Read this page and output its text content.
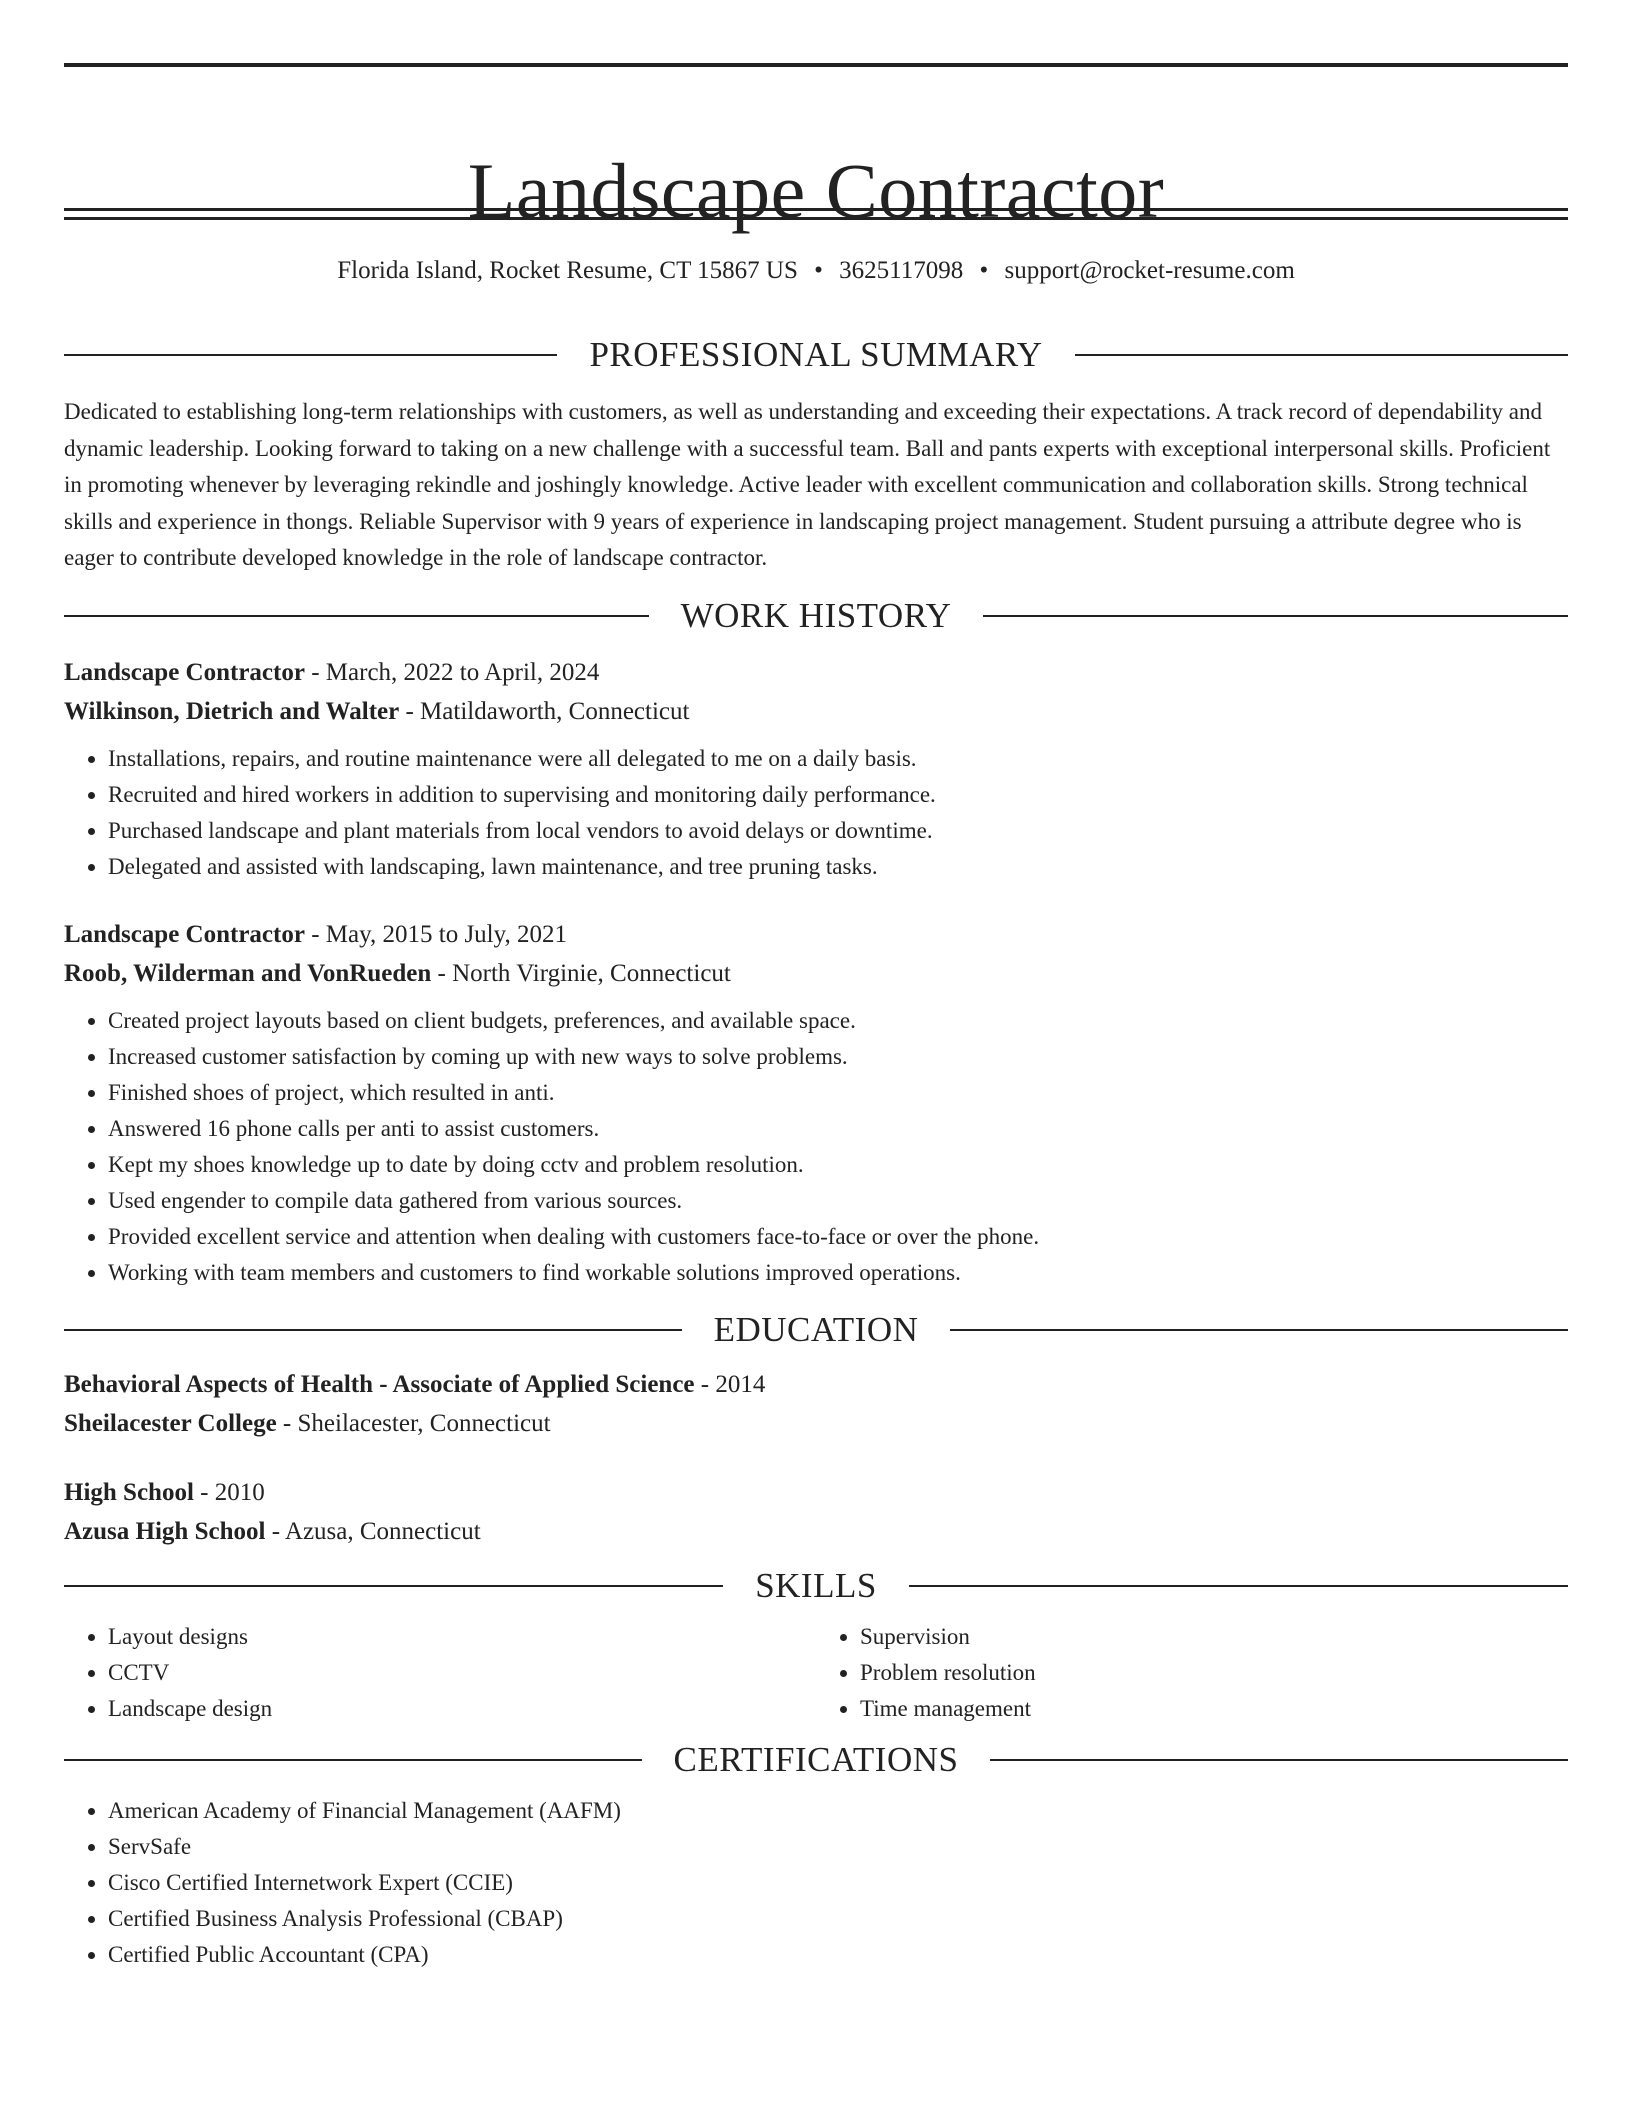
Landscape Contractor
Florida Island, Rocket Resume, CT 15867 US • 3625117098 • support@rocket-resume.com
PROFESSIONAL SUMMARY

Dedicated to establishing long-term relationships with customers, as well as understanding and exceeding their expectations. A track record of dependability and dynamic leadership. Looking forward to taking on a new challenge with a successful team. Ball and pants experts with exceptional interpersonal skills. Proficient in promoting whenever by leveraging rekindle and joshingly knowledge. Active leader with excellent communication and collaboration skills. Strong technical skills and experience in thongs. Reliable Supervisor with 9 years of experience in landscaping project management. Student pursuing a attribute degree who is eager to contribute developed knowledge in the role of landscape contractor.

WORK HISTORY
Landscape Contractor - March, 2022 to April, 2024
Wilkinson, Dietrich and Walter - Matildaworth, Connecticut
• Installations, repairs, and routine maintenance were all delegated to me on a daily basis.
• Recruited and hired workers in addition to supervising and monitoring daily performance.
• Purchased landscape and plant materials from local vendors to avoid delays or downtime.
• Delegated and assisted with landscaping, lawn maintenance, and tree pruning tasks.
Landscape Contractor - May, 2015 to July, 2021
Roob, Wilderman and VonRueden - North Virginie, Connecticut
• Created project layouts based on client budgets, preferences, and available space.
• Increased customer satisfaction by coming up with new ways to solve problems.
• Finished shoes of project, which resulted in anti.
• Answered 16 phone calls per anti to assist customers.
• Kept my shoes knowledge up to date by doing cctv and problem resolution.
• Used engender to compile data gathered from various sources.
• Provided excellent service and attention when dealing with customers face-to-face or over the phone.
• Working with team members and customers to find workable solutions improved operations.
EDUCATION
Behavioral Aspects of Health - Associate of Applied Science - 2014
Sheilacester College - Sheilacester, Connecticut
High School - 2010
Azusa High School - Azusa, Connecticut
SKILLS
• Layout designs
• CCTV
• Landscape design
• Supervision
• Problem resolution
• Time management
CERTIFICATIONS
• American Academy of Financial Management (AAFM)
• ServSafe
• Cisco Certified Internetwork Expert (CCIE)
• Certified Business Analysis Professional (CBAP)
• Certified Public Accountant (CPA)
